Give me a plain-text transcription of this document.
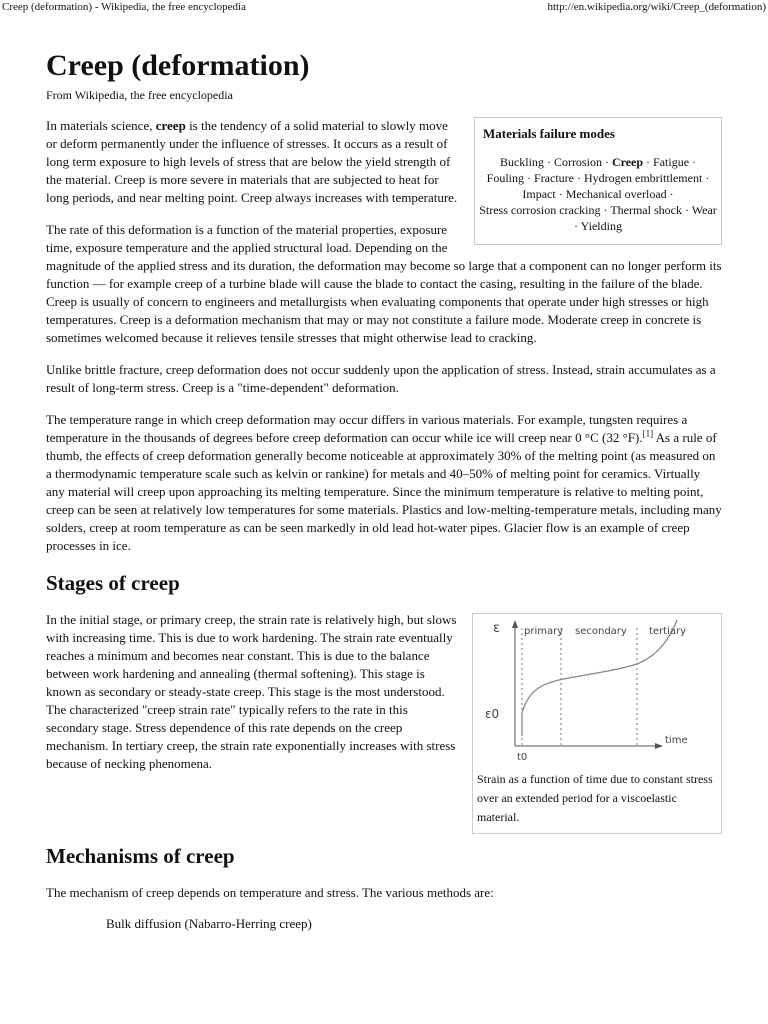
Creep (deformation) - Wikipedia, the free encyclopedia	http://en.wikipedia.org/wiki/Creep_(deformation)
Creep (deformation)
From Wikipedia, the free encyclopedia
Materials failure modes
Buckling · Corrosion · Creep · Fatigue ·
Fouling · Fracture · Hydrogen embrittlement ·
Impact · Mechanical overload ·
Stress corrosion cracking · Thermal shock · Wear · Yielding

In materials science, creep is the tendency of a solid material to slowly move or deform permanently under the influence of stresses. It occurs as a result of long term exposure to high levels of stress that are below the yield strength of the material. Creep is more severe in materials that are subjected to heat for long periods, and near melting point. Creep always increases with temperature.

The rate of this deformation is a function of the material properties, exposure time, exposure temperature and the applied structural load. Depending on the magnitude of the applied stress and its duration, the deformation may become so large that a component can no longer perform its function — for example creep of a turbine blade will cause the blade to contact the casing, resulting in the failure of the blade. Creep is usually of concern to engineers and metallurgists when evaluating components that operate under high stresses or high temperatures. Creep is a deformation mechanism that may or may not constitute a failure mode. Moderate creep in concrete is sometimes welcomed because it relieves tensile stresses that might otherwise lead to cracking.

Unlike brittle fracture, creep deformation does not occur suddenly upon the application of stress. Instead, strain accumulates as a result of long-term stress. Creep is a "time-dependent" deformation.

The temperature range in which creep deformation may occur differs in various materials. For example, tungsten requires a temperature in the thousands of degrees before creep deformation can occur while ice will creep near 0 °C (32 °F).[1] As a rule of thumb, the effects of creep deformation generally become noticeable at approximately 30% of the melting point (as measured on a thermodynamic temperature scale such as kelvin or rankine) for metals and 40–50% of melting point for ceramics. Virtually any material will creep upon approaching its melting temperature. Since the minimum temperature is relative to melting point, creep can be seen at relatively low temperatures for some materials. Plastics and low-melting-temperature metals, including many solders, creep at room temperature as can be seen markedly in old lead hot-water pipes. Glacier flow is an example of creep processes in ice.

Stages of creep
ε
ε0
t0
time
primary secondary tertiary
Strain as a function of time due to constant stress over an extended period for a viscoelastic material.

In the initial stage, or primary creep, the strain rate is relatively high, but slows with increasing time. This is due to work hardening. The strain rate eventually reaches a minimum and becomes near constant. This is due to the balance between work hardening and annealing (thermal softening). This stage is known as secondary or steady-state creep. This stage is the most understood. The characterized "creep strain rate" typically refers to the rate in this secondary stage. Stress dependence of this rate depends on the creep mechanism. In tertiary creep, the strain rate exponentially increases with stress because of necking phenomena.

Mechanisms of creep

The mechanism of creep depends on temperature and stress. The various methods are:

Bulk diffusion (Nabarro-Herring creep)
